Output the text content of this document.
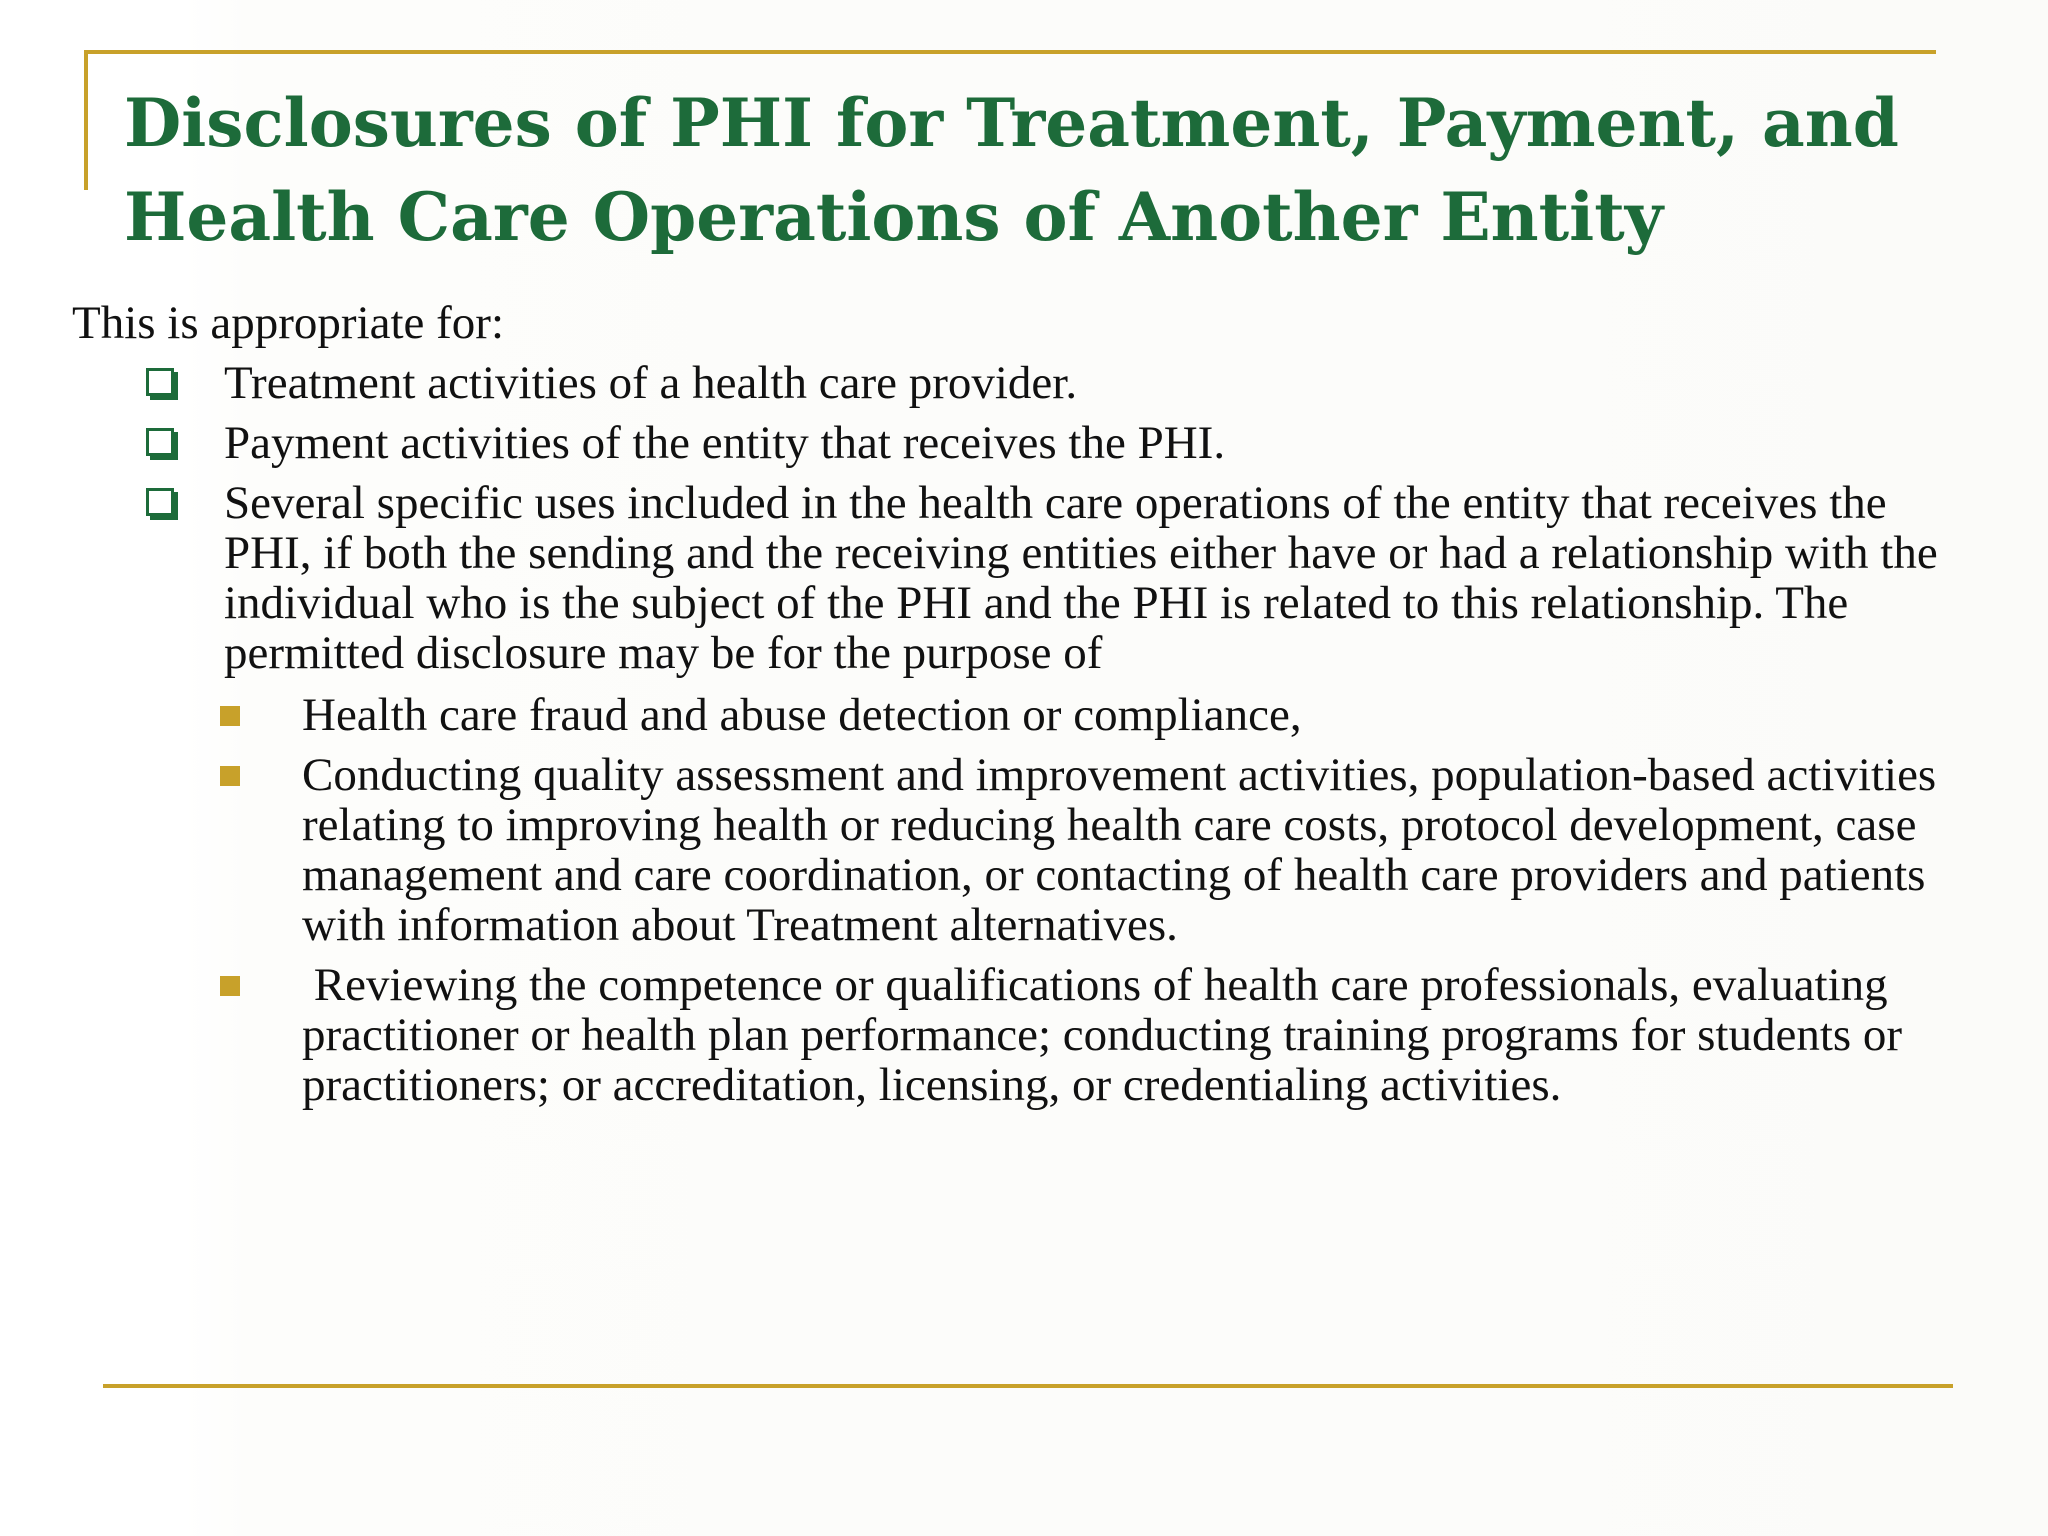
Disclosures of PHI for Treatment, Payment, and Health Care Operations of Another Entity

This is appropriate for:

Treatment activities of a health care provider.
Payment activities of the entity that receives the PHI.
Several specific uses included in the health care operations of the entity that receives the PHI, if both the sending and the receiving entities either have or had a relationship with the individual who is the subject of the PHI and the PHI is related to this relationship. The permitted disclosure may be for the purpose of
Health care fraud and abuse detection or compliance,
Conducting quality assessment and improvement activities, population-based activities relating to improving health or reducing health care costs, protocol development, case management and care coordination, or contacting of health care providers and patients with information about Treatment alternatives.
Reviewing the competence or qualifications of health care professionals, evaluating practitioner or health plan performance; conducting training programs for students or practitioners; or accreditation, licensing, or credentialing activities.
